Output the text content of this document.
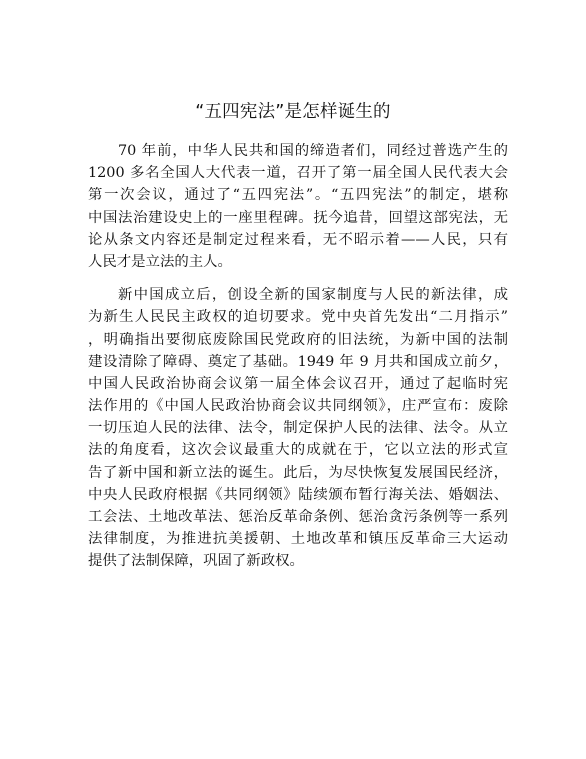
“五四宪法”是怎样诞生的
70 年前，中华人民共和国的缔造者们，同经过普选产生的
1200 多名全国人大代表一道，召开了第一届全国人民代表大会
第一次会议，通过了“五四宪法”。“五四宪法”的制定，堪称
中国法治建设史上的一座里程碑。抚今追昔，回望这部宪法，无
论从条文内容还是制定过程来看，无不昭示着——人民，只有
人民才是立法的主人。
新中国成立后，创设全新的国家制度与人民的新法律，成
为新生人民民主政权的迫切要求。党中央首先发出“二月指示”
，明确指出要彻底废除国民党政府的旧法统，为新中国的法制
建设清除了障碍、奠定了基础。1949 年 9 月共和国成立前夕，
中国人民政治协商会议第一届全体会议召开，通过了起临时宪
法作用的《中国人民政治协商会议共同纲领》，庄严宣布：废除
一切压迫人民的法律、法令，制定保护人民的法律、法令。从立
法的角度看，这次会议最重大的成就在于，它以立法的形式宣
告了新中国和新立法的诞生。此后，为尽快恢复发展国民经济，
中央人民政府根据《共同纲领》陆续颁布暂行海关法、婚姻法、
工会法、土地改革法、惩治反革命条例、惩治贪污条例等一系列
法律制度，为推进抗美援朝、土地改革和镇压反革命三大运动
提供了法制保障，巩固了新政权。
